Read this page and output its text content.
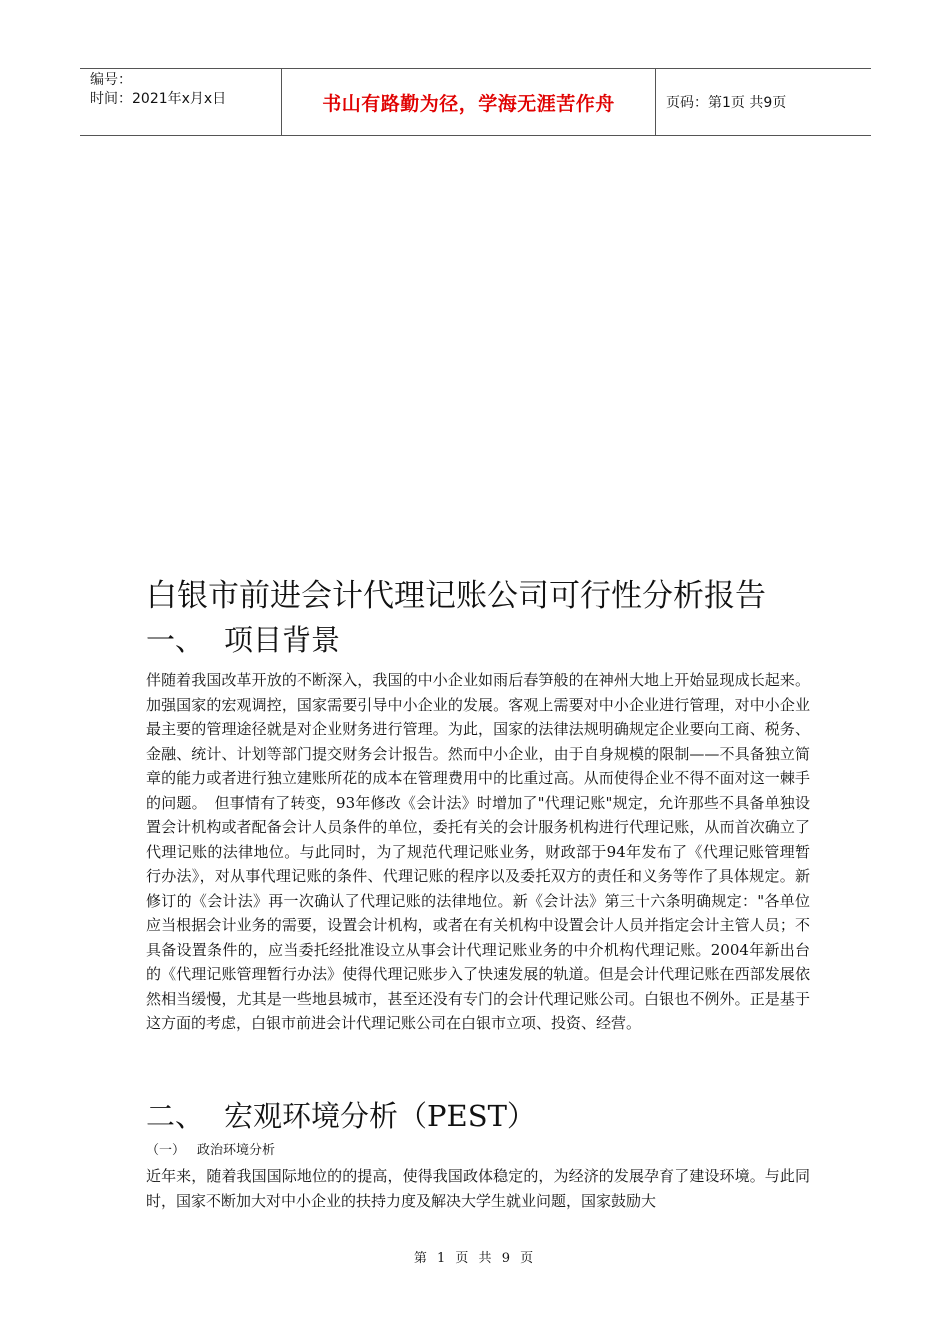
编号：
时间：2021年x月x日	书山有路勤为径，学海无涯苦作舟	页码：第1页 共9页
白银市前进会计代理记账公司可行性分析报告
一、 项目背景
伴随着我国改革开放的不断深入，我国的中小企业如雨后春笋般的在神州大地上开始显现成长起来。加强国家的宏观调控，国家需要引导中小企业的发展。客观上需要对中小企业进行管理，对中小企业最主要的管理途径就是对企业财务进行管理。为此，国家的法律法规明确规定企业要向工商、税务、金融、统计、计划等部门提交财务会计报告。然而中小企业，由于自身规模的限制——不具备独立简章的能力或者进行独立建账所花的成本在管理费用中的比重过高。从而使得企业不得不面对这一棘手的问题。　但事情有了转变，93年修改《会计法》时增加了"代理记账"规定，允许那些不具备单独设置会计机构或者配备会计人员条件的单位，委托有关的会计服务机构进行代理记账，从而首次确立了代理记账的法律地位。与此同时，为了规范代理记账业务，财政部于94年发布了《代理记账管理暂行办法》，对从事代理记账的条件、代理记账的程序以及委托双方的责任和义务等作了具体规定。新修订的《会计法》再一次确认了代理记账的法律地位。新《会计法》第三十六条明确规定："各单位应当根据会计业务的需要，设置会计机构，或者在有关机构中设置会计人员并指定会计主管人员；不具备设置条件的，应当委托经批准设立从事会计代理记账业务的中介机构代理记账。2004年新出台的《代理记账管理暂行办法》使得代理记账步入了快速发展的轨道。但是会计代理记账在西部发展依然相当缓慢，尤其是一些地县城市，甚至还没有专门的会计代理记账公司。白银也不例外。正是基于这方面的考虑，白银市前进会计代理记账公司在白银市立项、投资、经营。
二、 宏观环境分析（PEST）
（一） 政治环境分析
近年来，随着我国国际地位的的提高，使得我国政体稳定的，为经济的发展孕育了建设环境。与此同时，国家不断加大对中小企业的扶持力度及解决大学生就业问题，国家鼓励大
第 1 页 共 9 页
